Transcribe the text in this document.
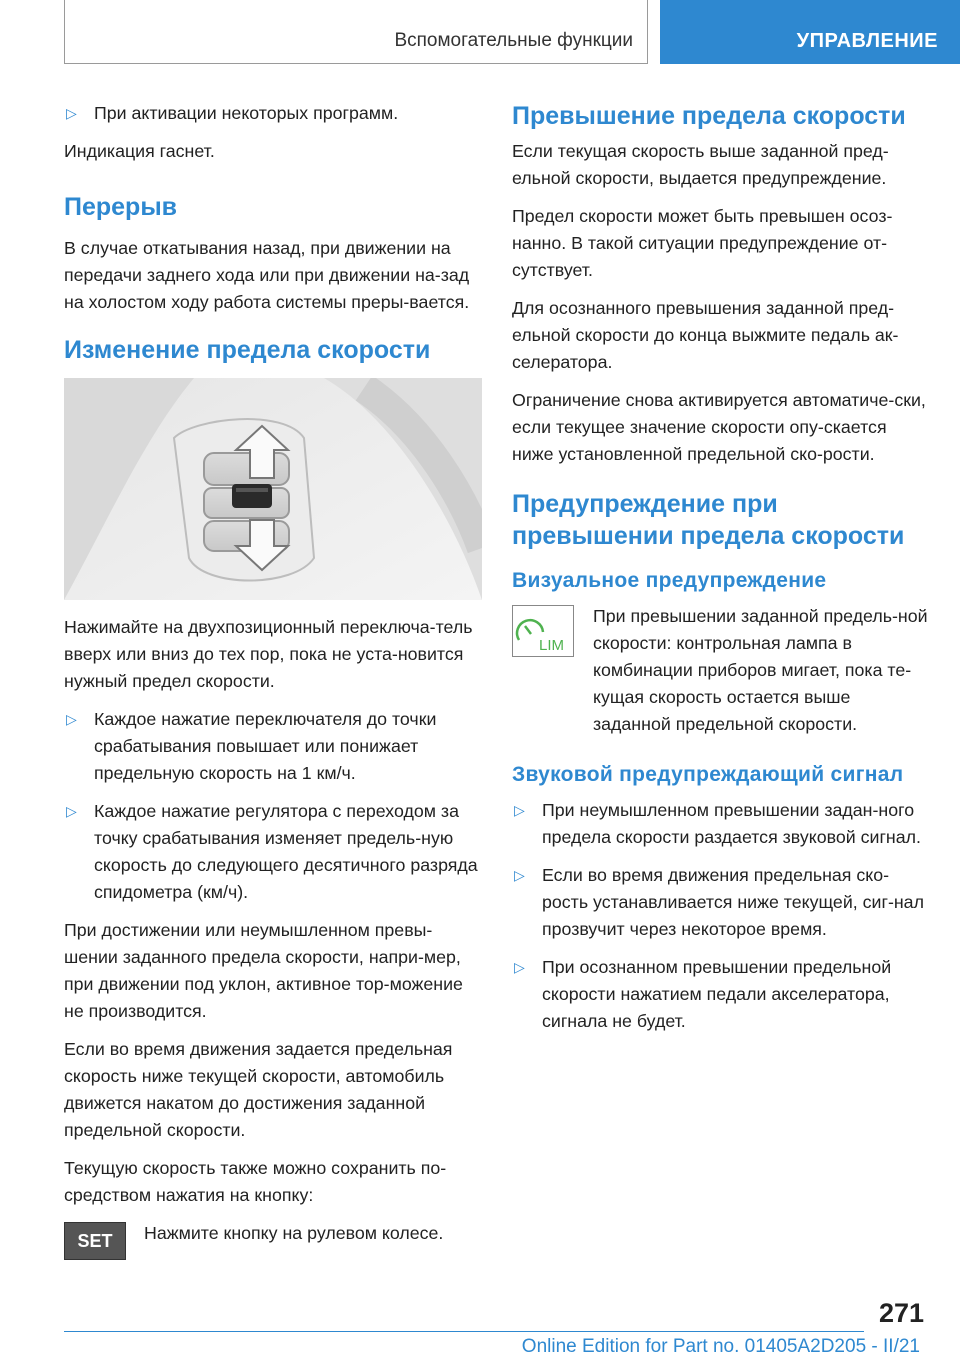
Вспомогательные функции	УПРАВЛЕНИЕ

▷ При активации некоторых программ.

Индикация гаснет.

Перерыв

В случае откатывания назад, при движении на передачи заднего хода или при движении на-зад на холостом ходу работа системы преры-вается.

Изменение предела скорости

Нажимайте на двухпозиционный переключа-тель вверх или вниз до тех пор, пока не уста-новится нужный предел скорости.

▷ Каждое нажатие переключателя до точки срабатывания повышает или понижает предельную скорость на 1 км/ч.

▷ Каждое нажатие регулятора с переходом за точку срабатывания изменяет предель-ную скорость до следующего десятичного разряда спидометра (км/ч).

При достижении или неумышленном превы-шении заданного предела скорости, напри-мер, при движении под уклон, активное тор-можение не производится.

Если во время движения задается предельная скорость ниже текущей скорости, автомобиль движется накатом до достижения заданной предельной скорости.

Текущую скорость также можно сохранить по-средством нажатия на кнопку:

SET	Нажмите кнопку на рулевом колесе.

Превышение предела скорости

Если текущая скорость выше заданной пред-ельной скорости, выдается предупреждение.

Предел скорости может быть превышен осоз-нанно. В такой ситуации предупреждение от-сутствует.

Для осознанного превышения заданной пред-ельной скорости до конца выжмите педаль ак-селератора.

Ограничение снова активируется автоматиче-ски, если текущее значение скорости опу-скается ниже установленной предельной ско-рости.

Предупреждение при превышении предела скорости
Визуальное предупреждение
LIM

При превышении заданной предель-ной скорости: контрольная лампа в комбинации приборов мигает, пока те-кущая скорость остается выше заданной предельной скорости.

Звуковой предупреждающий сигнал

▷ При неумышленном превышении задан-ного предела скорости раздается звуковой сигнал.

▷ Если во время движения предельная ско-рость устанавливается ниже текущей, сиг-нал прозвучит через некоторое время.

▷ При осознанном превышении предельной скорости нажатием педали акселератора, сигнала не будет.

271
Online Edition for Part no. 01405A2D205 - II/21
